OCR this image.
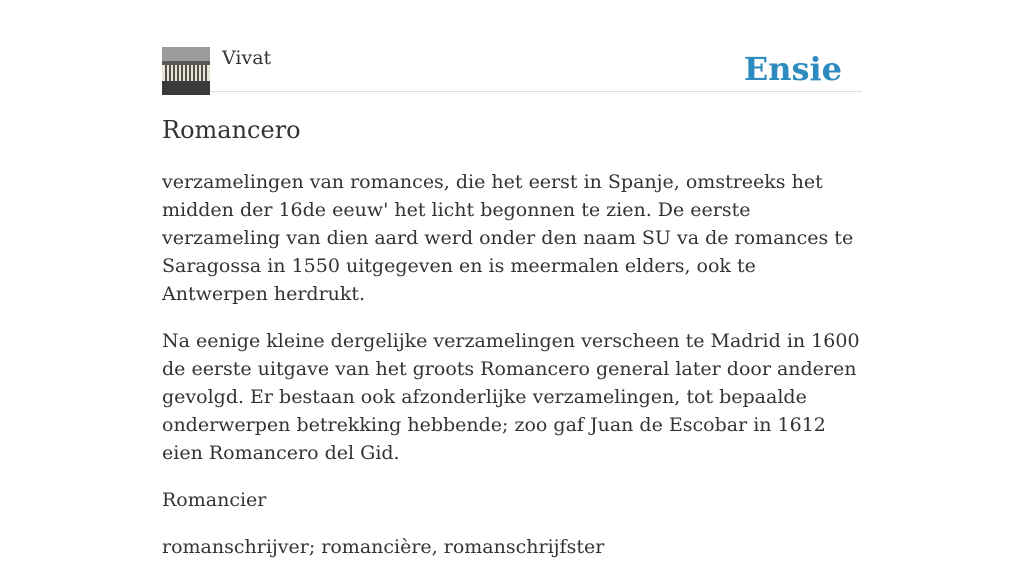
Vivat	Ensie
Romancero

verzamelingen van romances, die het eerst in Spanje, omstreeks het midden der 16de eeuw' het licht begonnen te zien. De eerste verzameling van dien aard werd onder den naam SU va de romances te Saragossa in 1550 uitgegeven en is meermalen elders, ook te Antwerpen herdrukt.

Na eenige kleine dergelijke verzamelingen verscheen te Madrid in 1600 de eerste uitgave van het groots Romancero general later door anderen gevolgd. Er bestaan ook afzonderlijke verzamelingen, tot bepaalde onderwerpen betrekking hebbende; zoo gaf Juan de Escobar in 1612 eien Romancero del Gid.

Romancier

romanschrijver; romancière, romanschrijfster
